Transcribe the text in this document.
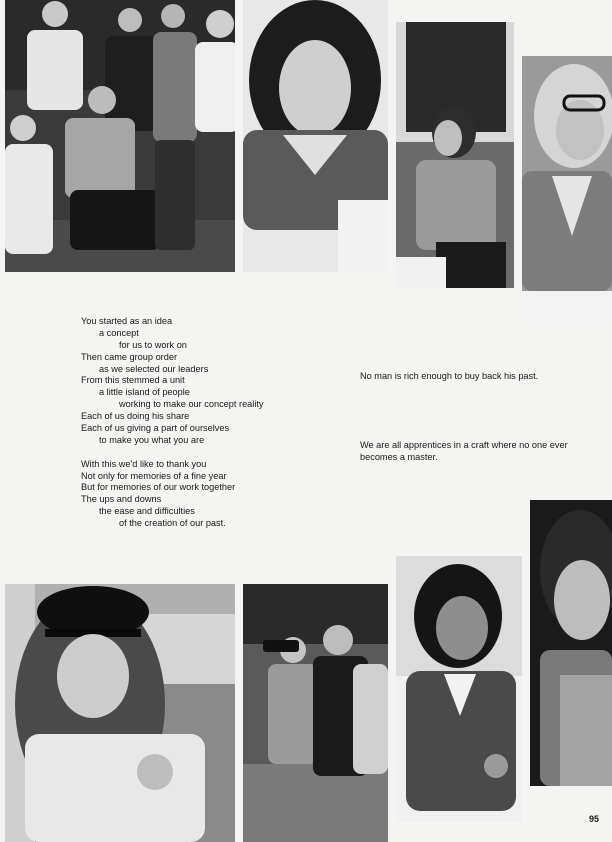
You started as an idea
a concept
for us to work on
Then came group order
as we selected our leaders
From this stemmed a unit
a little island of people
working to make our concept reality
Each of us doing his share
Each of us giving a part of ourselves
to make you what you are
With this we'd like to thank you
Not only for memories of a fine year
But for memories of our work together
The ups and downs
the ease and difficulties
of the creation of our past.
No man is rich enough to buy back his past.
We are all apprentices in a craft where no one ever becomes a master.
95
